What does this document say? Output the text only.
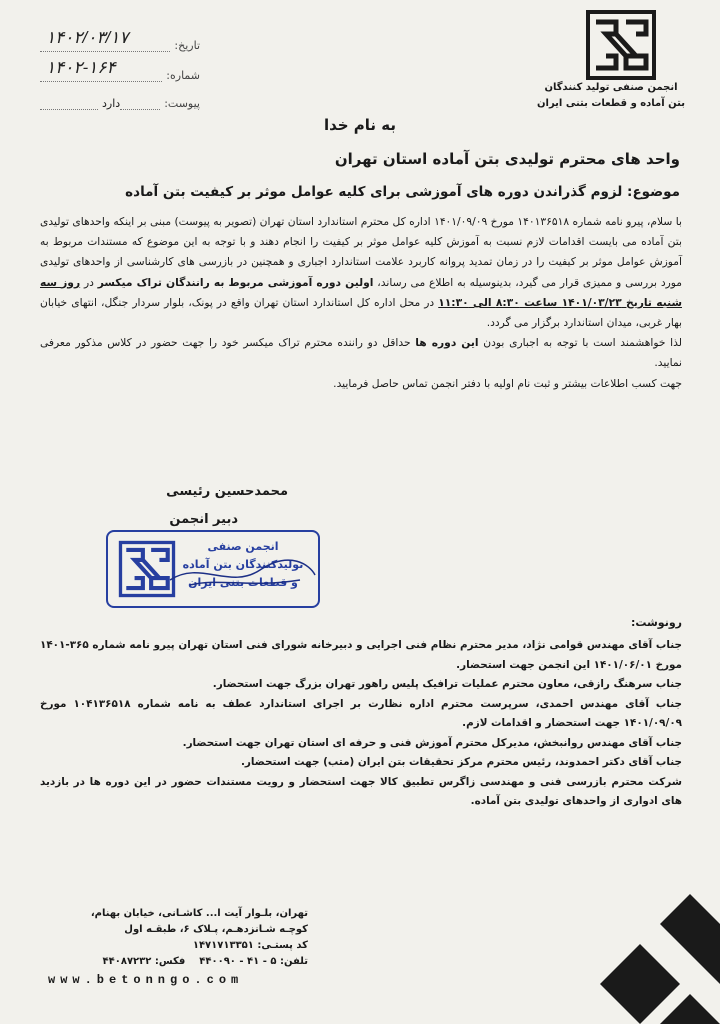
انجمن صنفی تولید کنندگان
بتن آماده و قطعات بتنی ایران
تاریخ:
۱۴۰۲/۰۳/۱۷
شماره:
۱۴۰۲-۱۶۴
پیوست:
دارد
به نام خدا
واحد های محترم تولیدی بتن آماده استان تهران
موضوع: لزوم گذراندن دوره های آموزشی برای کلیه عوامل موثر بر کیفیت بتن آماده

با سلام، پیرو نامه شماره ۱۴۰۱۳۶۵۱۸ مورخ ۱۴۰۱/۰۹/۰۹ اداره کل محترم استاندارد استان تهران (تصویر به پیوست) مبنی بر اینکه واحدهای تولیدی بتن آماده می بایست اقدامات لازم نسبت به آموزش کلیه عوامل موثر بر کیفیت را انجام دهند و با توجه به این موضوع که مستندات مربوط به آموزش عوامل موثر بر کیفیت را در زمان تمدید پروانه کاربرد علامت استاندارد اجباری و همچنین در بازرسی های کارشناسی از واحدهای تولیدی مورد بررسی و ممیزی قرار می گیرد، بدینوسیله به اطلاع می رساند، اولین دوره آموزشی مربوط به رانندگان تراک میکسر در روز سه شنبه تاریخ ۱۴۰۱/۰۳/۲۳ ساعت ۸:۳۰ الی ۱۱:۳۰ در محل اداره کل استاندارد استان تهران واقع در پونک، بلوار سردار جنگل، انتهای خیابان بهار غربی، میدان استاندارد برگزار می گردد.

لذا خواهشمند است با توجه به اجباری بودن این دوره ها حداقل دو راننده محترم تراک میکسر خود را جهت حضور در کلاس مذکور معرفی نمایید.

جهت کسب اطلاعات بیشتر و ثبت نام اولیه با دفتر انجمن تماس حاصل فرمایید.

محمدحسین رئیسی
دبیر انجمن
انجمن صنفی
تولیدکنندگان بتن آماده
و قطعات بتنی ایران
رونوشت:

جناب آقای مهندس قوامی نژاد، مدیر محترم نظام فنی اجرایی و دبیرخانه شورای فنی استان تهران پیرو نامه شماره ۳۶۵-۱۴۰۱ مورخ ۱۴۰۱/۰۶/۰۱ این انجمن جهت استحضار.

جناب سرهنگ رازقی، معاون محترم عملیات ترافیک پلیس راهور تهران بزرگ جهت استحضار.

جناب آقای مهندس احمدی، سرپرست محترم اداره نظارت بر اجرای استاندارد عطف به نامه شماره ۱۰۴۱۳۶۵۱۸ مورخ ۱۴۰۱/۰۹/۰۹ جهت استحضار و اقدامات لازم.

جناب آقای مهندس روانبخش، مدیرکل محترم آموزش فنی و حرفه ای استان تهران جهت استحضار.

جناب آقای دکتر احمدوند، رئیس محترم مرکز تحقیقات بتن ایران (متب) جهت استحضار.

شرکت محترم بازرسی فنی و مهندسی زاگرس تطبیق کالا جهت استحضار و رویت مستندات حضور در این دوره ها در بازدید های ادواری از واحدهای تولیدی بتن آماده.

تهران، بلـوار آیت ا... کاشـانی، خیابان بهنام،
کوچـه شـانزدهـم، پـلاک ۶، طبقـه اول
کد پستـی: ۱۴۷۱۷۱۳۳۵۱
تلفن: ۵ - ۴۱ - ۴۴۰۰۹۰    فکس: ۴۴۰۸۷۲۳۲
www.betonngo.com
